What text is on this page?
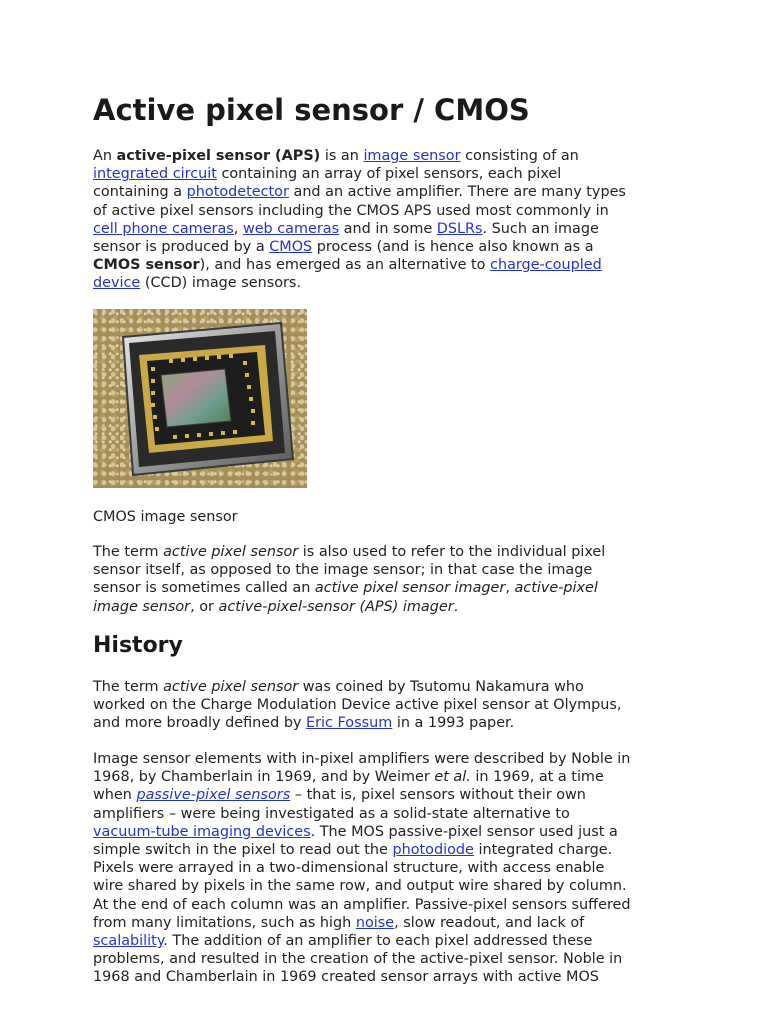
Active pixel sensor / CMOS

An active-pixel sensor (APS) is an image sensor consisting of an
integrated circuit containing an array of pixel sensors, each pixel
containing a photodetector and an active amplifier. There are many types
of active pixel sensors including the CMOS APS used most commonly in
cell phone cameras, web cameras and in some DSLRs. Such an image
sensor is produced by a CMOS process (and is hence also known as a
CMOS sensor), and has emerged as an alternative to charge-coupled
device (CCD) image sensors.

CMOS image sensor

The term active pixel sensor is also used to refer to the individual pixel
sensor itself, as opposed to the image sensor; in that case the image
sensor is sometimes called an active pixel sensor imager, active-pixel
image sensor, or active-pixel-sensor (APS) imager.

History

The term active pixel sensor was coined by Tsutomu Nakamura who
worked on the Charge Modulation Device active pixel sensor at Olympus,
and more broadly defined by Eric Fossum in a 1993 paper.

Image sensor elements with in-pixel amplifiers were described by Noble in
1968, by Chamberlain in 1969, and by Weimer et al. in 1969, at a time
when passive-pixel sensors – that is, pixel sensors without their own
amplifiers – were being investigated as a solid-state alternative to
vacuum-tube imaging devices. The MOS passive-pixel sensor used just a
simple switch in the pixel to read out the photodiode integrated charge.
Pixels were arrayed in a two-dimensional structure, with access enable
wire shared by pixels in the same row, and output wire shared by column.
At the end of each column was an amplifier. Passive-pixel sensors suffered
from many limitations, such as high noise, slow readout, and lack of
scalability. The addition of an amplifier to each pixel addressed these
problems, and resulted in the creation of the active-pixel sensor. Noble in
1968 and Chamberlain in 1969 created sensor arrays with active MOS
